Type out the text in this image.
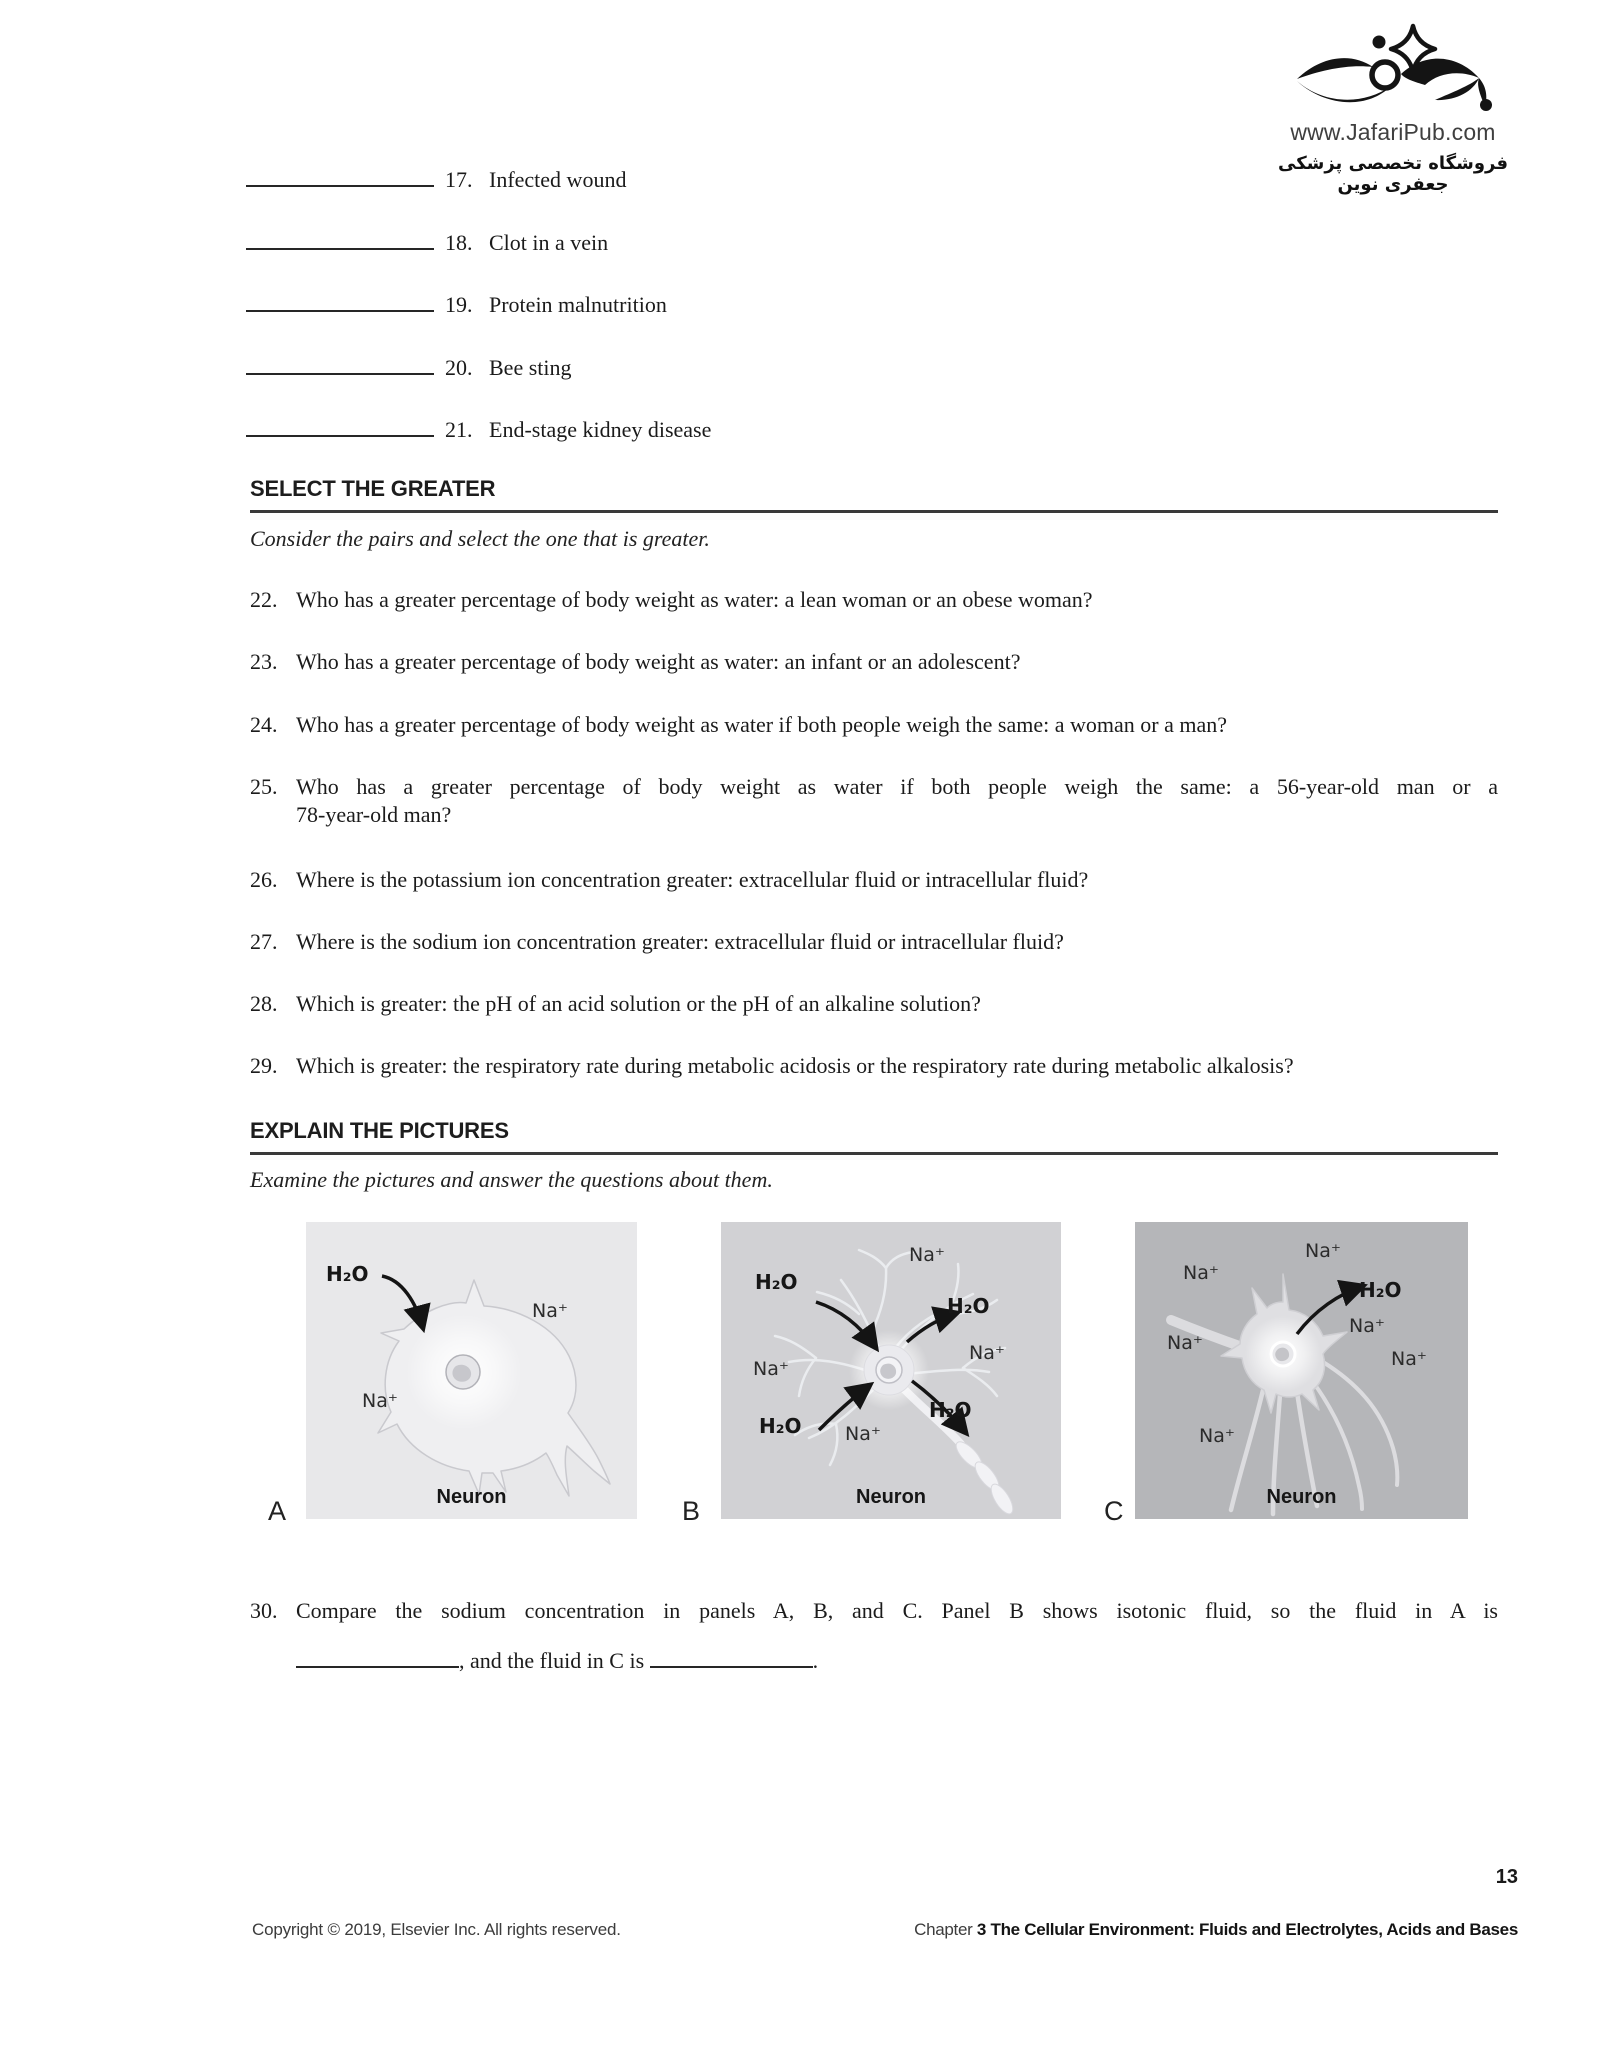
www.JafariPub.com
فروشگاه تخصصی پزشکی جعفری نوین
17. Infected wound
18. Clot in a vein
19. Protein malnutrition
20. Bee sting
21. End-stage kidney disease
SELECT THE GREATER
Consider the pairs and select the one that is greater.
22. Who has a greater percentage of body weight as water: a lean woman or an obese woman?
23. Who has a greater percentage of body weight as water: an infant or an adolescent?
24. Who has a greater percentage of body weight as water if both people weigh the same: a woman or a man?
25. Who has a greater percentage of body weight as water if both people weigh the same: a 56-year-old man or a
78-year-old man?
26. Where is the potassium ion concentration greater: extracellular fluid or intracellular fluid?
27. Where is the sodium ion concentration greater: extracellular fluid or intracellular fluid?
28. Which is greater: the pH of an acid solution or the pH of an alkaline solution?
29. Which is greater: the respiratory rate during metabolic acidosis or the respiratory rate during metabolic alkalosis?
EXPLAIN THE PICTURES
Examine the pictures and answer the questions about them.
H₂O
Na⁺
Na⁺
Neuron
A
Na⁺
H₂O
H₂O
Na⁺
Na⁺
H₂O Na⁺
H₂O
Neuron
B
Na⁺
Na⁺
H₂O
Na⁺
Na⁺
Na⁺
Na⁺
Neuron
C
30. Compare the sodium concentration in panels A, B, and C. Panel B shows isotonic fluid, so the fluid in A is
, and the fluid in C is	.
13
Copyright © 2019, Elsevier Inc. All rights reserved.	Chapter 3 The Cellular Environment: Fluids and Electrolytes, Acids and Bases
